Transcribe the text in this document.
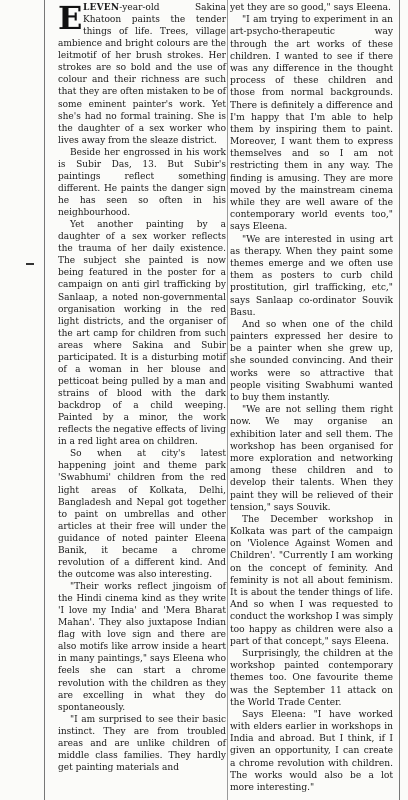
ELEVEN-year-old Sakina Khatoon paints the tender things of life. Trees, village ambience and bright colours are the leitmotif of her brush strokes. Her strokes are so bold and the use of colour and their richness are such that they are often mistaken to be of some eminent painter's work. Yet she's had no formal training. She is the daughter of a sex worker who lives away from the sleaze district.

Beside her engrossed in his work is Subir Das, 13. But Subir's paintings reflect something different. He paints the danger sign he has seen so often in his neighbourhood.

Yet another painting by a daughter of a sex worker reflects the trauma of her daily existence. The subject she painted is now being featured in the poster for a campaign on anti girl trafficking by Sanlaap, a noted non-governmental organisation working in the red light districts, and the organiser of the art camp for children from such areas where Sakina and Subir participated. It is a disturbing motif of a woman in her blouse and petticoat being pulled by a man and strains of blood with the dark backdrop of a child weeping. Painted by a minor, the work reflects the negative effects of living in a red light area on children.

So when at city's latest happening joint and theme park 'Swabhumi' children from the red light areas of Kolkata, Delhi, Bangladesh and Nepal got together to paint on umbrellas and other articles at their free will under the guidance of noted painter Eleena Banik, it became a chrome revolution of a different kind. And the outcome was also interesting.

"Their works reflect jingoism of the Hindi cinema kind as they write 'I love my India' and 'Mera Bharat Mahan'. They also juxtapose Indian flag with love sign and there are also motifs like arrow inside a heart in many paintings," says Eleena who feels she can start a chrome revolution with the children as they are excelling in what they do spontaneously.

"I am surprised to see their basic instinct. They are from troubled areas and are unlike children of middle class families. They hardly get painting materials and

yet they are so good," says Eleena.

"I am trying to experiment in an art-psycho-therapeutic way through the art works of these children. I wanted to see if there was any difference in the thought process of these children and those from normal backgrounds. There is definitely a difference and I'm happy that I'm able to help them by inspiring them to paint. Moreover, I want them to express themselves and so I am not restricting them in any way. The finding is amusing. They are more moved by the mainstream cinema while they are well aware of the contemporary world events too," says Eleena.

"We are interested in using art as therapy. When they paint some themes emerge and we often use them as posters to curb child prostitution, girl trafficking, etc," says Sanlaap co-ordinator Souvik Basu.

And so when one of the child painters expressed her desire to be a painter when she grew up, she sounded convincing. And their works were so attractive that people visiting Swabhumi wanted to buy them instantly.

"We are not selling them right now. We may organise an exhibition later and sell them. The workshop has been organised for more exploration and networking among these children and to develop their talents. When they paint they will be relieved of their tension," says Souvik.

The December workshop in Kolkata was part of the campaign on 'Violence Against Women and Children'. "Currently I am working on the concept of feminity. And feminity is not all about feminism. It is about the tender things of life. And so when I was requested to conduct the workshop I was simply too happy as children were also a part of that concept," says Eleena.

Surprisingly, the children at the workshop painted contemporary themes too. One favourite theme was the September 11 attack on the World Trade Center.

Says Eleena: "I have worked with elders earlier in workshops in India and abroad. But I think, if I given an opportunity, I can create a chrome revolution with children. The works would also be a lot more interesting."
